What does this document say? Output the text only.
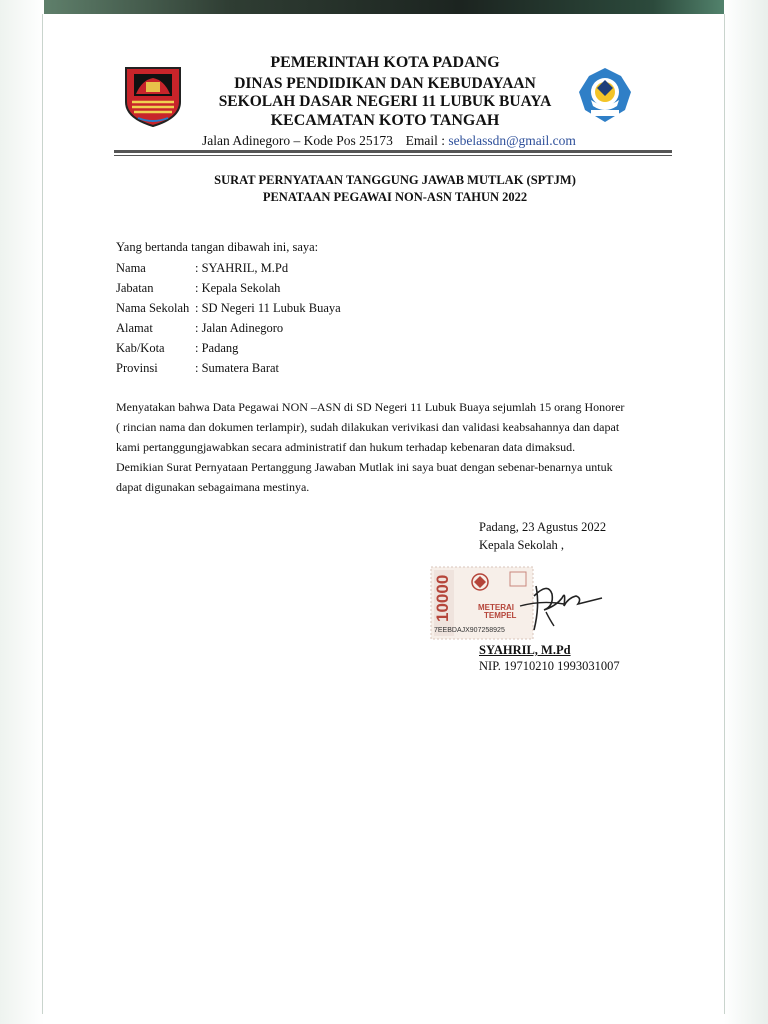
PEMERINTAH KOTA PADANG
DINAS PENDIDIKAN DAN KEBUDAYAAN
SEKOLAH DASAR NEGERI 11 LUBUK BUAYA
KECAMATAN KOTO TANGAH
Jalan Adinegoro – Kode Pos 25173 Email : sebelassdn@gmail.com
SURAT PERNYATAAN TANGGUNG JAWAB MUTLAK (SPTJM)
PENATAAN PEGAWAI NON-ASN TAHUN 2022
Yang bertanda tangan dibawah ini, saya:
Nama	: SYAHRIL, M.Pd
Jabatan	: Kepala Sekolah
Nama Sekolah : SD Negeri 11 Lubuk Buaya
Alamat	: Jalan Adinegoro
Kab/Kota : Padang
Provinsi	: Sumatera Barat
Menyatakan bahwa Data Pegawai NON –ASN di SD Negeri 11 Lubuk Buaya sejumlah 15 orang Honorer
( rincian nama dan dokumen terlampir), sudah dilakukan verivikasi dan validasi keabsahannya dan dapat
kami pertanggungjawabkan secara administratif dan hukum terhadap kebenaran data dimaksud.
Demikian Surat Pernyataan Pertanggung Jawaban Mutlak ini saya buat dengan sebenar-benarnya untuk
dapat digunakan sebagaimana mestinya.
Padang, 23 Agustus 2022
Kepala Sekolah ,
10000	METERAI
TEMPEL
7EEBDAJX907258925
SYAHRIL, M.Pd
NIP. 19710210 1993031007
